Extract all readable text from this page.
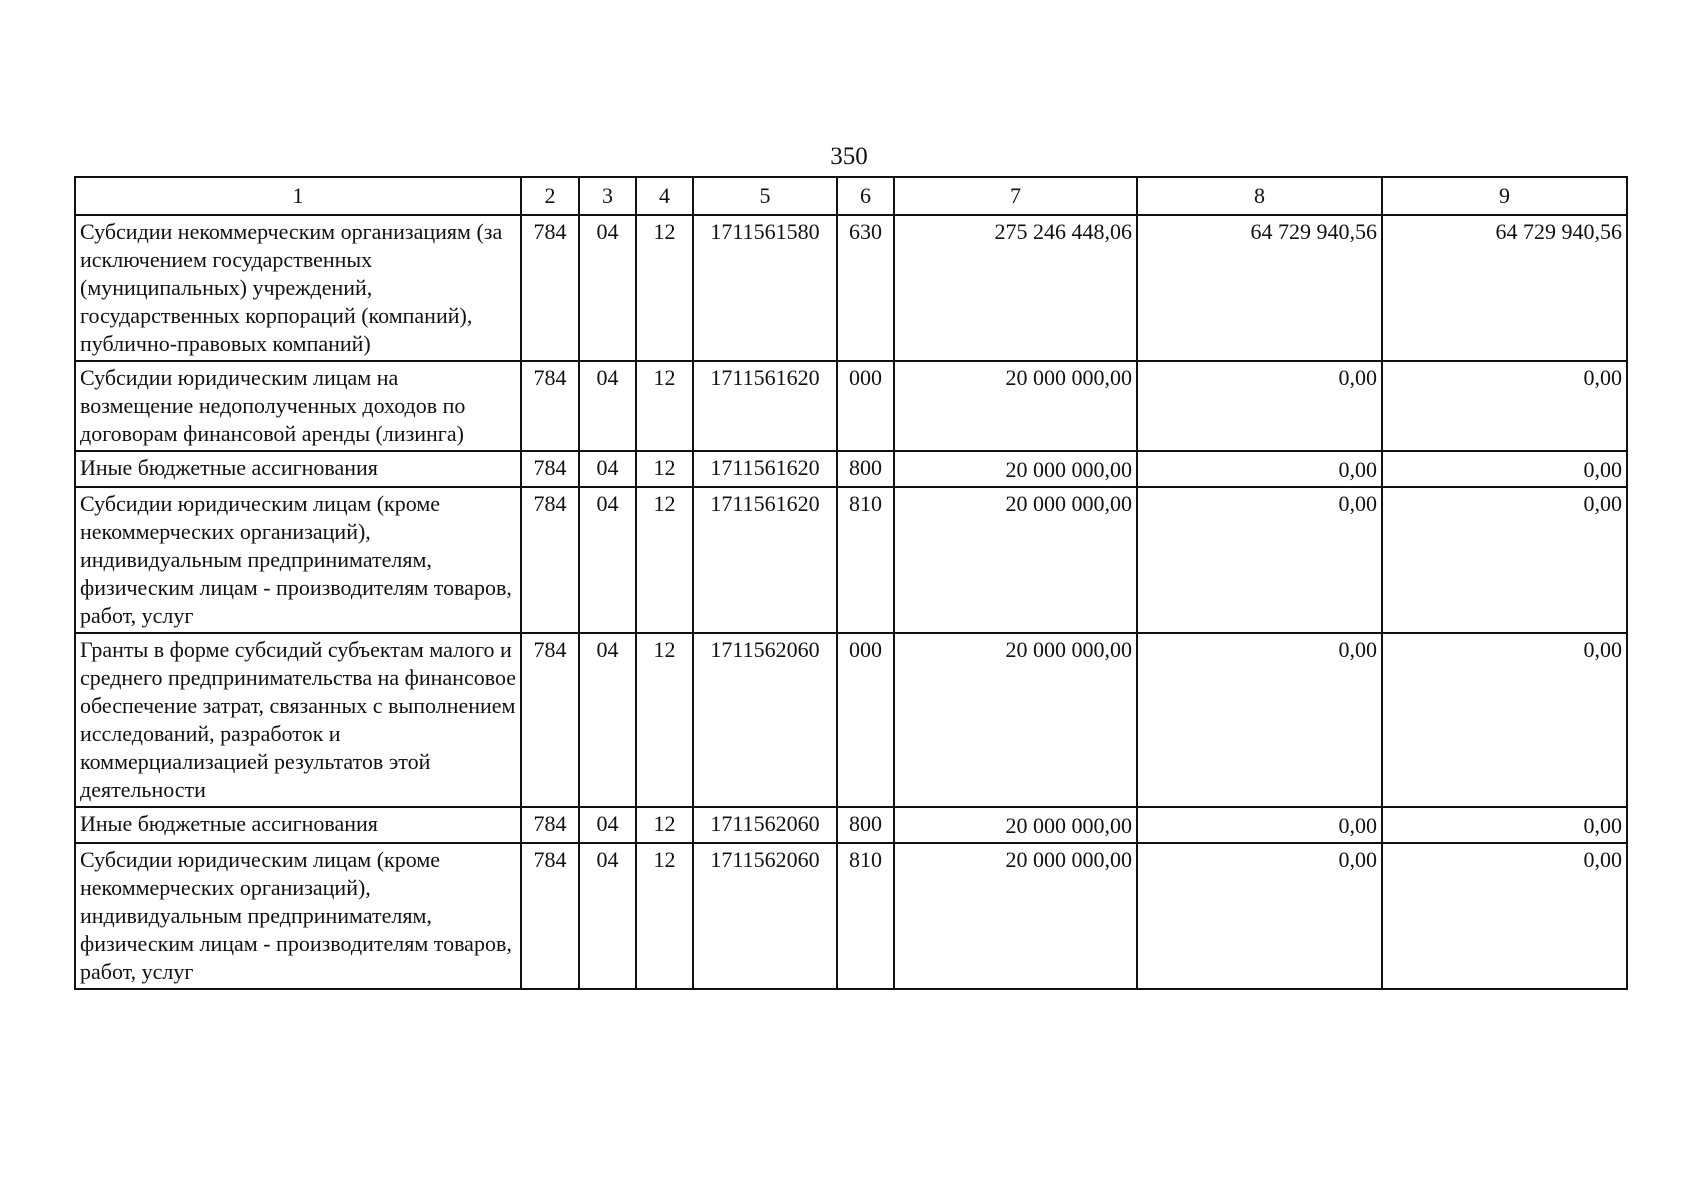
350
1	2	3	4	5	6	7	8	9
Субсидии некоммерческим организациям (за исключением государственных (муниципальных) учреждений, государственных корпораций (компаний), публично-правовых компаний)	784	04	12	1711561580	630	275 246 448,06	64 729 940,56	64 729 940,56
Субсидии юридическим лицам на возмещение недополученных доходов по договорам финансовой аренды (лизинга)	784	04	12	1711561620	000	20 000 000,00	0,00	0,00
Иные бюджетные ассигнования	784	04	12	1711561620	800	20 000 000,00	0,00	0,00
Субсидии юридическим лицам (кроме некоммерческих организаций), индивидуальным предпринимателям, физическим лицам - производителям товаров, работ, услуг	784	04	12	1711561620	810	20 000 000,00	0,00	0,00
Гранты в форме субсидий субъектам малого и среднего предпринимательства на финансовое обеспечение затрат, связанных с выполнением исследований, разработок и коммерциализацией результатов этой деятельности	784	04	12	1711562060	000	20 000 000,00	0,00	0,00
Иные бюджетные ассигнования	784	04	12	1711562060	800	20 000 000,00	0,00	0,00
Субсидии юридическим лицам (кроме некоммерческих организаций), индивидуальным предпринимателям, физическим лицам - производителям товаров, работ, услуг	784	04	12	1711562060	810	20 000 000,00	0,00	0,00
